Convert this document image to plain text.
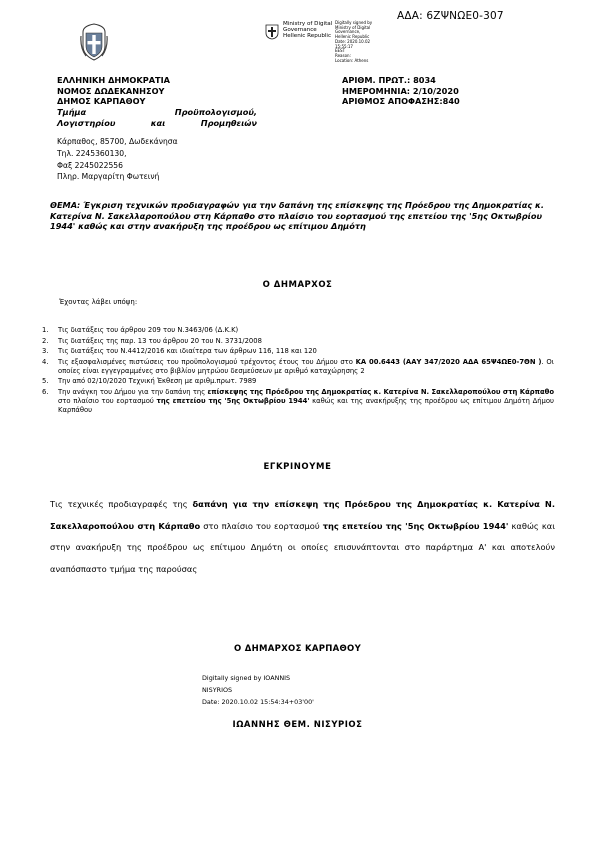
ΑΔΑ: 6ΖΨΝΩΕ0-307
Ministry of Digital
Governance
Hellenic Republic
Digitally signed by
Ministry of Digital
Governance,
Hellenic Republic
Date: 2020.10.02
15:55:17
EEST
Reason:
Location: Athens
ΕΛΛΗΝΙΚΗ ΔΗΜΟΚΡΑΤΙΑ
ΝΟΜΟΣ ΔΩΔΕΚΑΝΗΣΟΥ
ΔΗΜΟΣ ΚΑΡΠΑΘΟΥ
ΑΡΙΘΜ. ΠΡΩΤ.: 8034
ΗΜΕΡΟΜΗΝΙΑ: 2/10/2020
ΑΡΙΘΜΟΣ ΑΠΟΦΑΣΗΣ:840
Τμήμα	Προϋπολογισμού,
Λογιστηρίου	και	Προμηθειών
Κάρπαθος, 85700, Δωδεκάνησα
Τηλ. 2245360130,
Φαξ 2245022556
Πληρ. Μαργαρίτη Φωτεινή
ΘΕΜΑ: Έγκριση τεχνικών προδιαγραφών για την δαπάνη της επίσκεψης της Πρόεδρου της Δημοκρατίας κ. Κατερίνα Ν. Σακελλαροπούλου στη Κάρπαθο στο πλαίσιο του εορτασμού της επετείου της '5ης Οκτωβρίου 1944' καθώς και στην ανακήρυξη της προέδρου ως επίτιμου Δημότη
Ο ΔΗΜΑΡΧΟΣ
Έχοντας λάβει υπόψη:
1. Τις διατάξεις του άρθρου 209 του Ν.3463/06 (Δ.Κ.Κ)
2. Τις διατάξεις της παρ. 13 του άρθρου 20 του Ν. 3731/2008
3. Τις διατάξεις του Ν.4412/2016 και ιδιαίτερα των άρθρων 116, 118 και 120
4. Τις εξασφαλισμένες πιστώσεις του προϋπολογισμού τρέχοντος έτους του Δήμου στο ΚΑ 00.6443 (ΑΑΥ 347/2020 ΑΔΑ 65Ψ4ΩΕ0-7ΘΝ ). Οι οποίες είναι εγγεγραμμένες στο βιβλίον μητρώου δεσμεύσεων με αριθμό καταχώρησης 2
5. Την από 02/10/2020 Τεχνική Έκθεση με αριθμ.πρωτ. 7989
6. Την ανάγκη του Δήμου για την δαπάνη της επίσκεψης της Πρόεδρου της Δημοκρατίας κ. Κατερίνα Ν. Σακελλαροπούλου στη Κάρπαθο στο πλαίσιο του εορτασμού της επετείου της '5ης Οκτωβρίου 1944' καθώς και της ανακήρυξης της προέδρου ως επίτιμου Δημότη Δήμου Καρπάθου
ΕΓΚΡΙΝΟΥΜΕ
Τις τεχνικές προδιαγραφές της δαπάνη για την επίσκεψη της Πρόεδρου της Δημοκρατίας κ. Κατερίνα Ν. Σακελλαροπούλου στη Κάρπαθο στο πλαίσιο του εορτασμού της επετείου της '5ης Οκτωβρίου 1944' καθώς και στην ανακήρυξη της προέδρου ως επίτιμου Δημότη οι οποίες επισυνάπτονται στο παράρτημα Α' και αποτελούν αναπόσπαστο τμήμα της παρούσας
Ο ΔΗΜΑΡΧΟΣ ΚΑΡΠΑΘΟΥ
Digitally signed by IOANNIS
NISYRIOS
Date: 2020.10.02 15:54:34+03'00'
ΙΩΑΝΝΗΣ ΘΕΜ. ΝΙΣΥΡΙΟΣ
